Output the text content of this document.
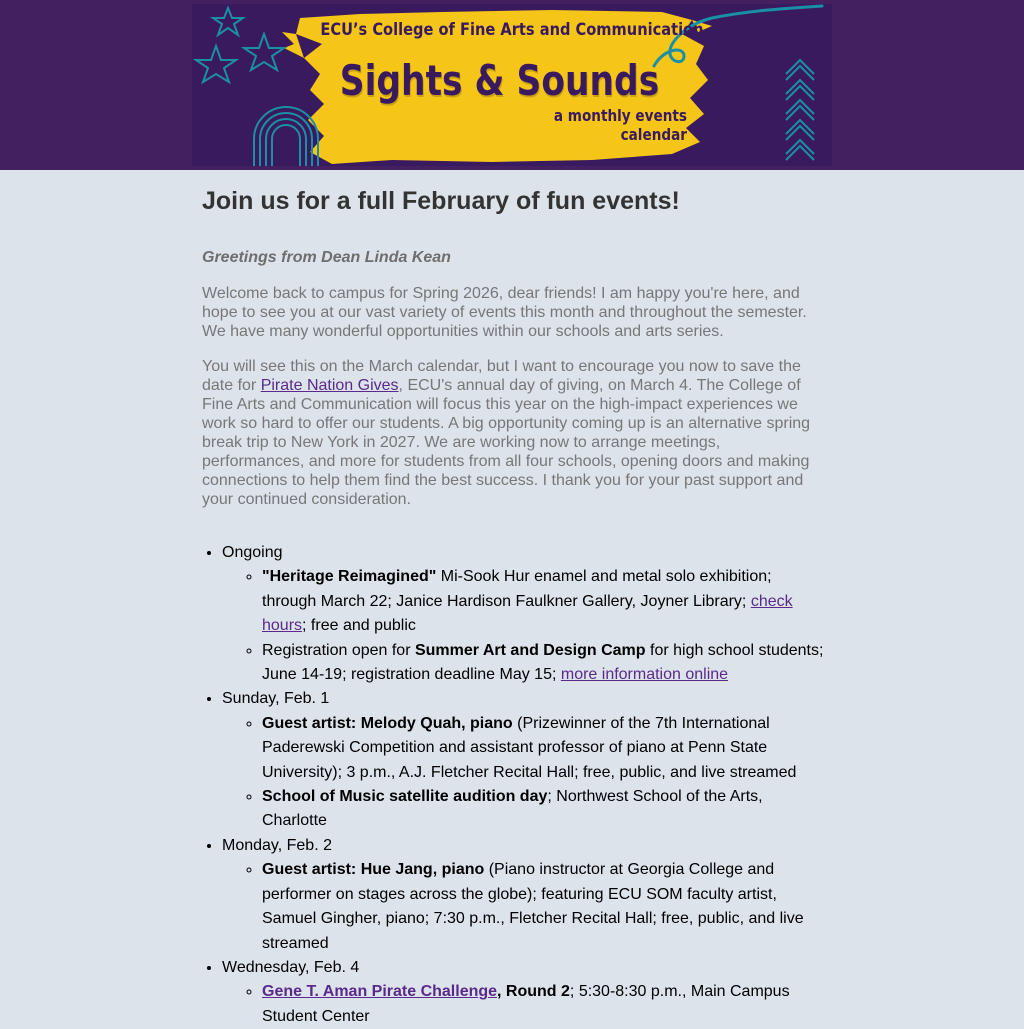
ECU’s College of Fine Arts and Communication
Sights & Sounds
a monthly events calendar
Join us for a full February of fun events!
Greetings from Dean Linda Kean

Welcome back to campus for Spring 2026, dear friends! I am happy you're here, and hope to see you at our vast variety of events this month and throughout the semester. We have many wonderful opportunities within our schools and arts series.

You will see this on the March calendar, but I want to encourage you now to save the date for Pirate Nation Gives, ECU's annual day of giving, on March 4. The College of Fine Arts and Communication will focus this year on the high-impact experiences we work so hard to offer our students. A big opportunity coming up is an alternative spring break trip to New York in 2027. We are working now to arrange meetings, performances, and more for students from all four schools, opening doors and making connections to help them find the best success. I thank you for your past support and your continued consideration.

• Ongoing
◦ "Heritage Reimagined" Mi-Sook Hur enamel and metal solo exhibition; through March 22; Janice Hardison Faulkner Gallery, Joyner Library; check hours; free and public
◦ Registration open for Summer Art and Design Camp for high school students; June 14-19; registration deadline May 15; more information online
• Sunday, Feb. 1
◦ Guest artist: Melody Quah, piano (Prizewinner of the 7th International Paderewski Competition and assistant professor of piano at Penn State University); 3 p.m., A.J. Fletcher Recital Hall; free, public, and live streamed
◦ School of Music satellite audition day; Northwest School of the Arts, Charlotte
• Monday, Feb. 2
◦ Guest artist: Hue Jang, piano (Piano instructor at Georgia College and performer on stages across the globe); featuring ECU SOM faculty artist, Samuel Gingher, piano; 7:30 p.m., Fletcher Recital Hall; free, public, and live streamed
• Wednesday, Feb. 4
◦ Gene T. Aman Pirate Challenge, Round 2; 5:30-8:30 p.m., Main Campus Student Center
